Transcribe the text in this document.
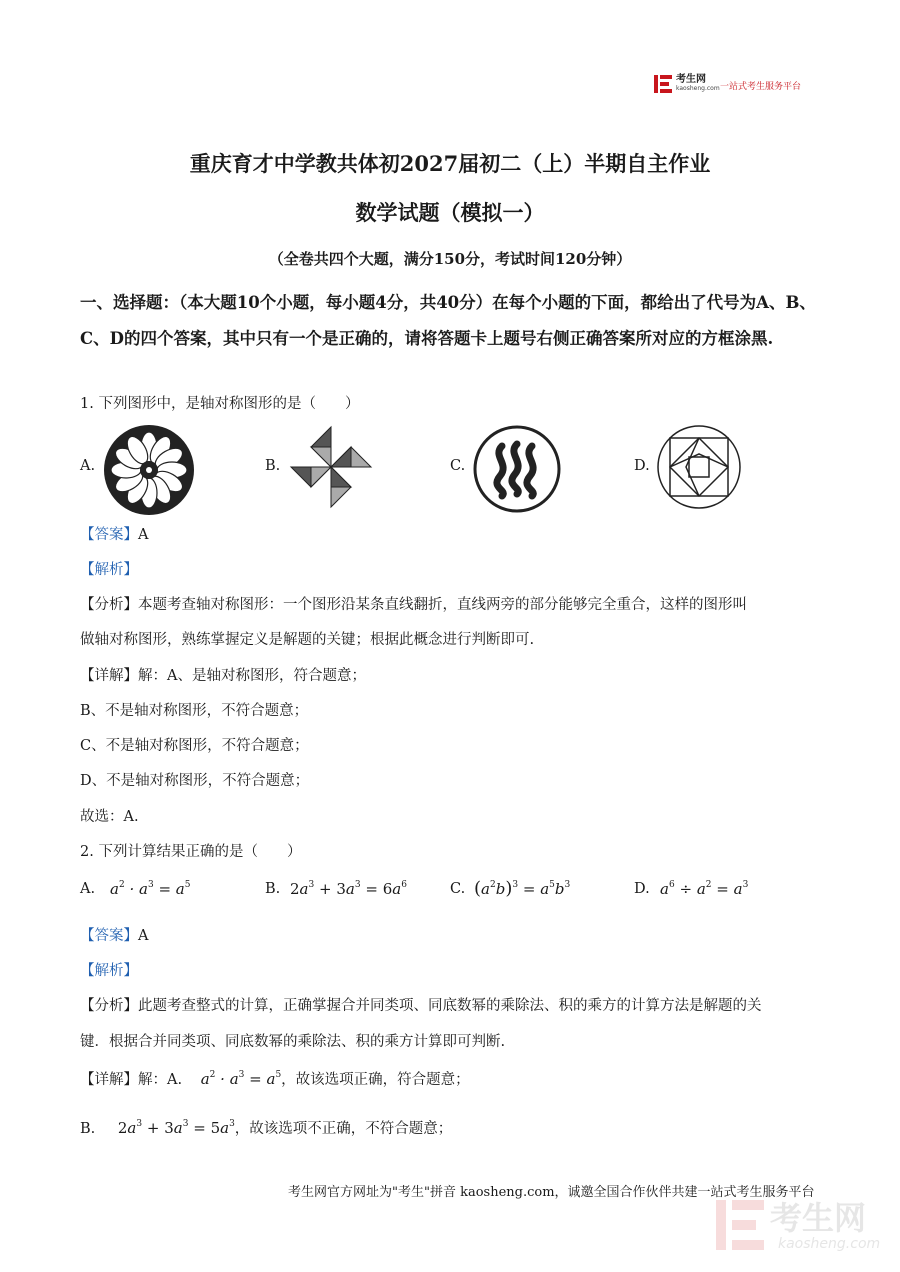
考生网
kaosheng.com 一站式考生服务平台
重庆育才中学教共体初2027届初二（上）半期自主作业
数学试题（模拟一）
（全卷共四个大题，满分150分，考试时间120分钟）
一、选择题：（本大题10个小题，每小题4分，共40分）在每个小题的下面，都给出了代号为A、B、C、D的四个答案，其中只有一个是正确的，请将答题卡上题号右侧正确答案所对应的方框涂黑.
1. 下列图形中，是轴对称图形的是（　　）
A.	B.	C.	D.
【答案】A
【解析】
【分析】本题考查轴对称图形：一个图形沿某条直线翻折，直线两旁的部分能够完全重合，这样的图形叫
做轴对称图形，熟练掌握定义是解题的关键；根据此概念进行判断即可.
【详解】解：A、是轴对称图形，符合题意；
B、不是轴对称图形，不符合题意；
C、不是轴对称图形，不符合题意；
D、不是轴对称图形，不符合题意；
故选：A.
2. 下列计算结果正确的是（　　）
A. $a^2 \cdot a^3 = a^5$	B. $2a^3 + 3a^3 = 6a^6$	C. $(a^2b)^3 = a^5b^3$	D. $a^6 \div a^2 = a^3$
【答案】A
【解析】
【分析】此题考查整式的计算，正确掌握合并同类项、同底数幂的乘除法、积的乘方的计算方法是解题的关
键．根据合并同类项、同底数幂的乘除法、积的乘方计算即可判断.
【详解】解：A. $a^2 \cdot a^3 = a^5$，故该选项正确，符合题意；
B. $2a^3 + 3a^3 = 5a^3$，故该选项不正确，不符合题意；
考生网官方网址为"考生"拼音 kaosheng.com，诚邀全国合作伙伴共建一站式考生服务平台
考生网
kaosheng.com
